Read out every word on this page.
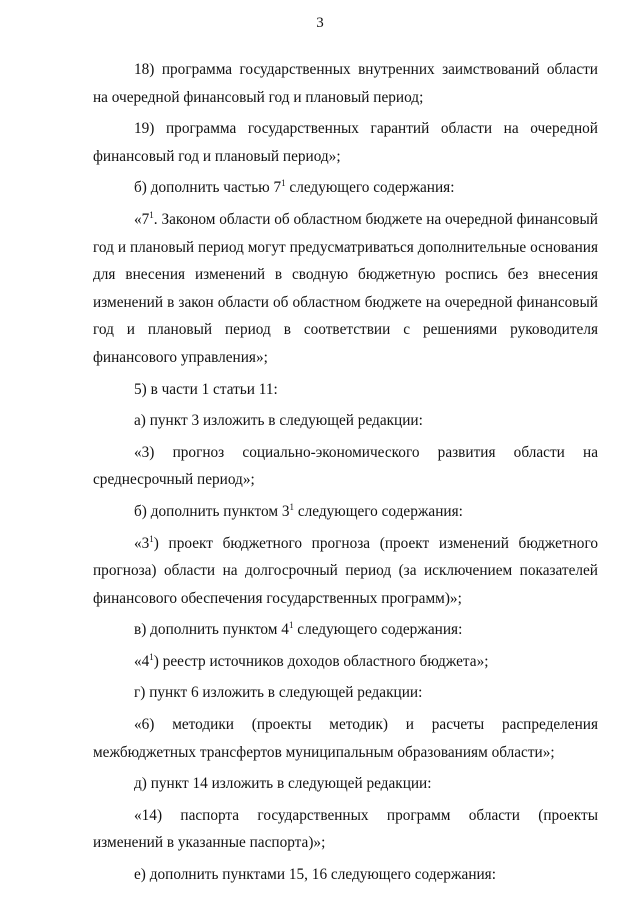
3

18) программа государственных внутренних заимствований области на очередной финансовый год и плановый период;

19) программа государственных гарантий области на очередной финансовый год и плановый период»;

б) дополнить частью $7^1$ следующего содержания:

«$7^1$. Законом области об областном бюджете на очередной финансовый год и плановый период могут предусматриваться дополнительные основания для внесения изменений в сводную бюджетную роспись без внесения изменений в закон области об областном бюджете на очередной финансовый год и плановый период в соответствии с решениями руководителя финансового управления»;

5) в части 1 статьи 11:

а) пункт 3 изложить в следующей редакции:

«3) прогноз социально-экономического развития области на среднесрочный период»;

б) дополнить пунктом $3^1$ следующего содержания:

«$3^1$) проект бюджетного прогноза (проект изменений бюджетного прогноза) области на долгосрочный период (за исключением показателей финансового обеспечения государственных программ)»;

в) дополнить пунктом $4^1$ следующего содержания:

«$4^1$) реестр источников доходов областного бюджета»;

г) пункт 6 изложить в следующей редакции:

«6) методики (проекты методик) и расчеты распределения межбюджетных трансфертов муниципальным образованиям области»;

д) пункт 14 изложить в следующей редакции:

«14) паспорта государственных программ области (проекты изменений в указанные паспорта)»;

е) дополнить пунктами 15, 16 следующего содержания:
